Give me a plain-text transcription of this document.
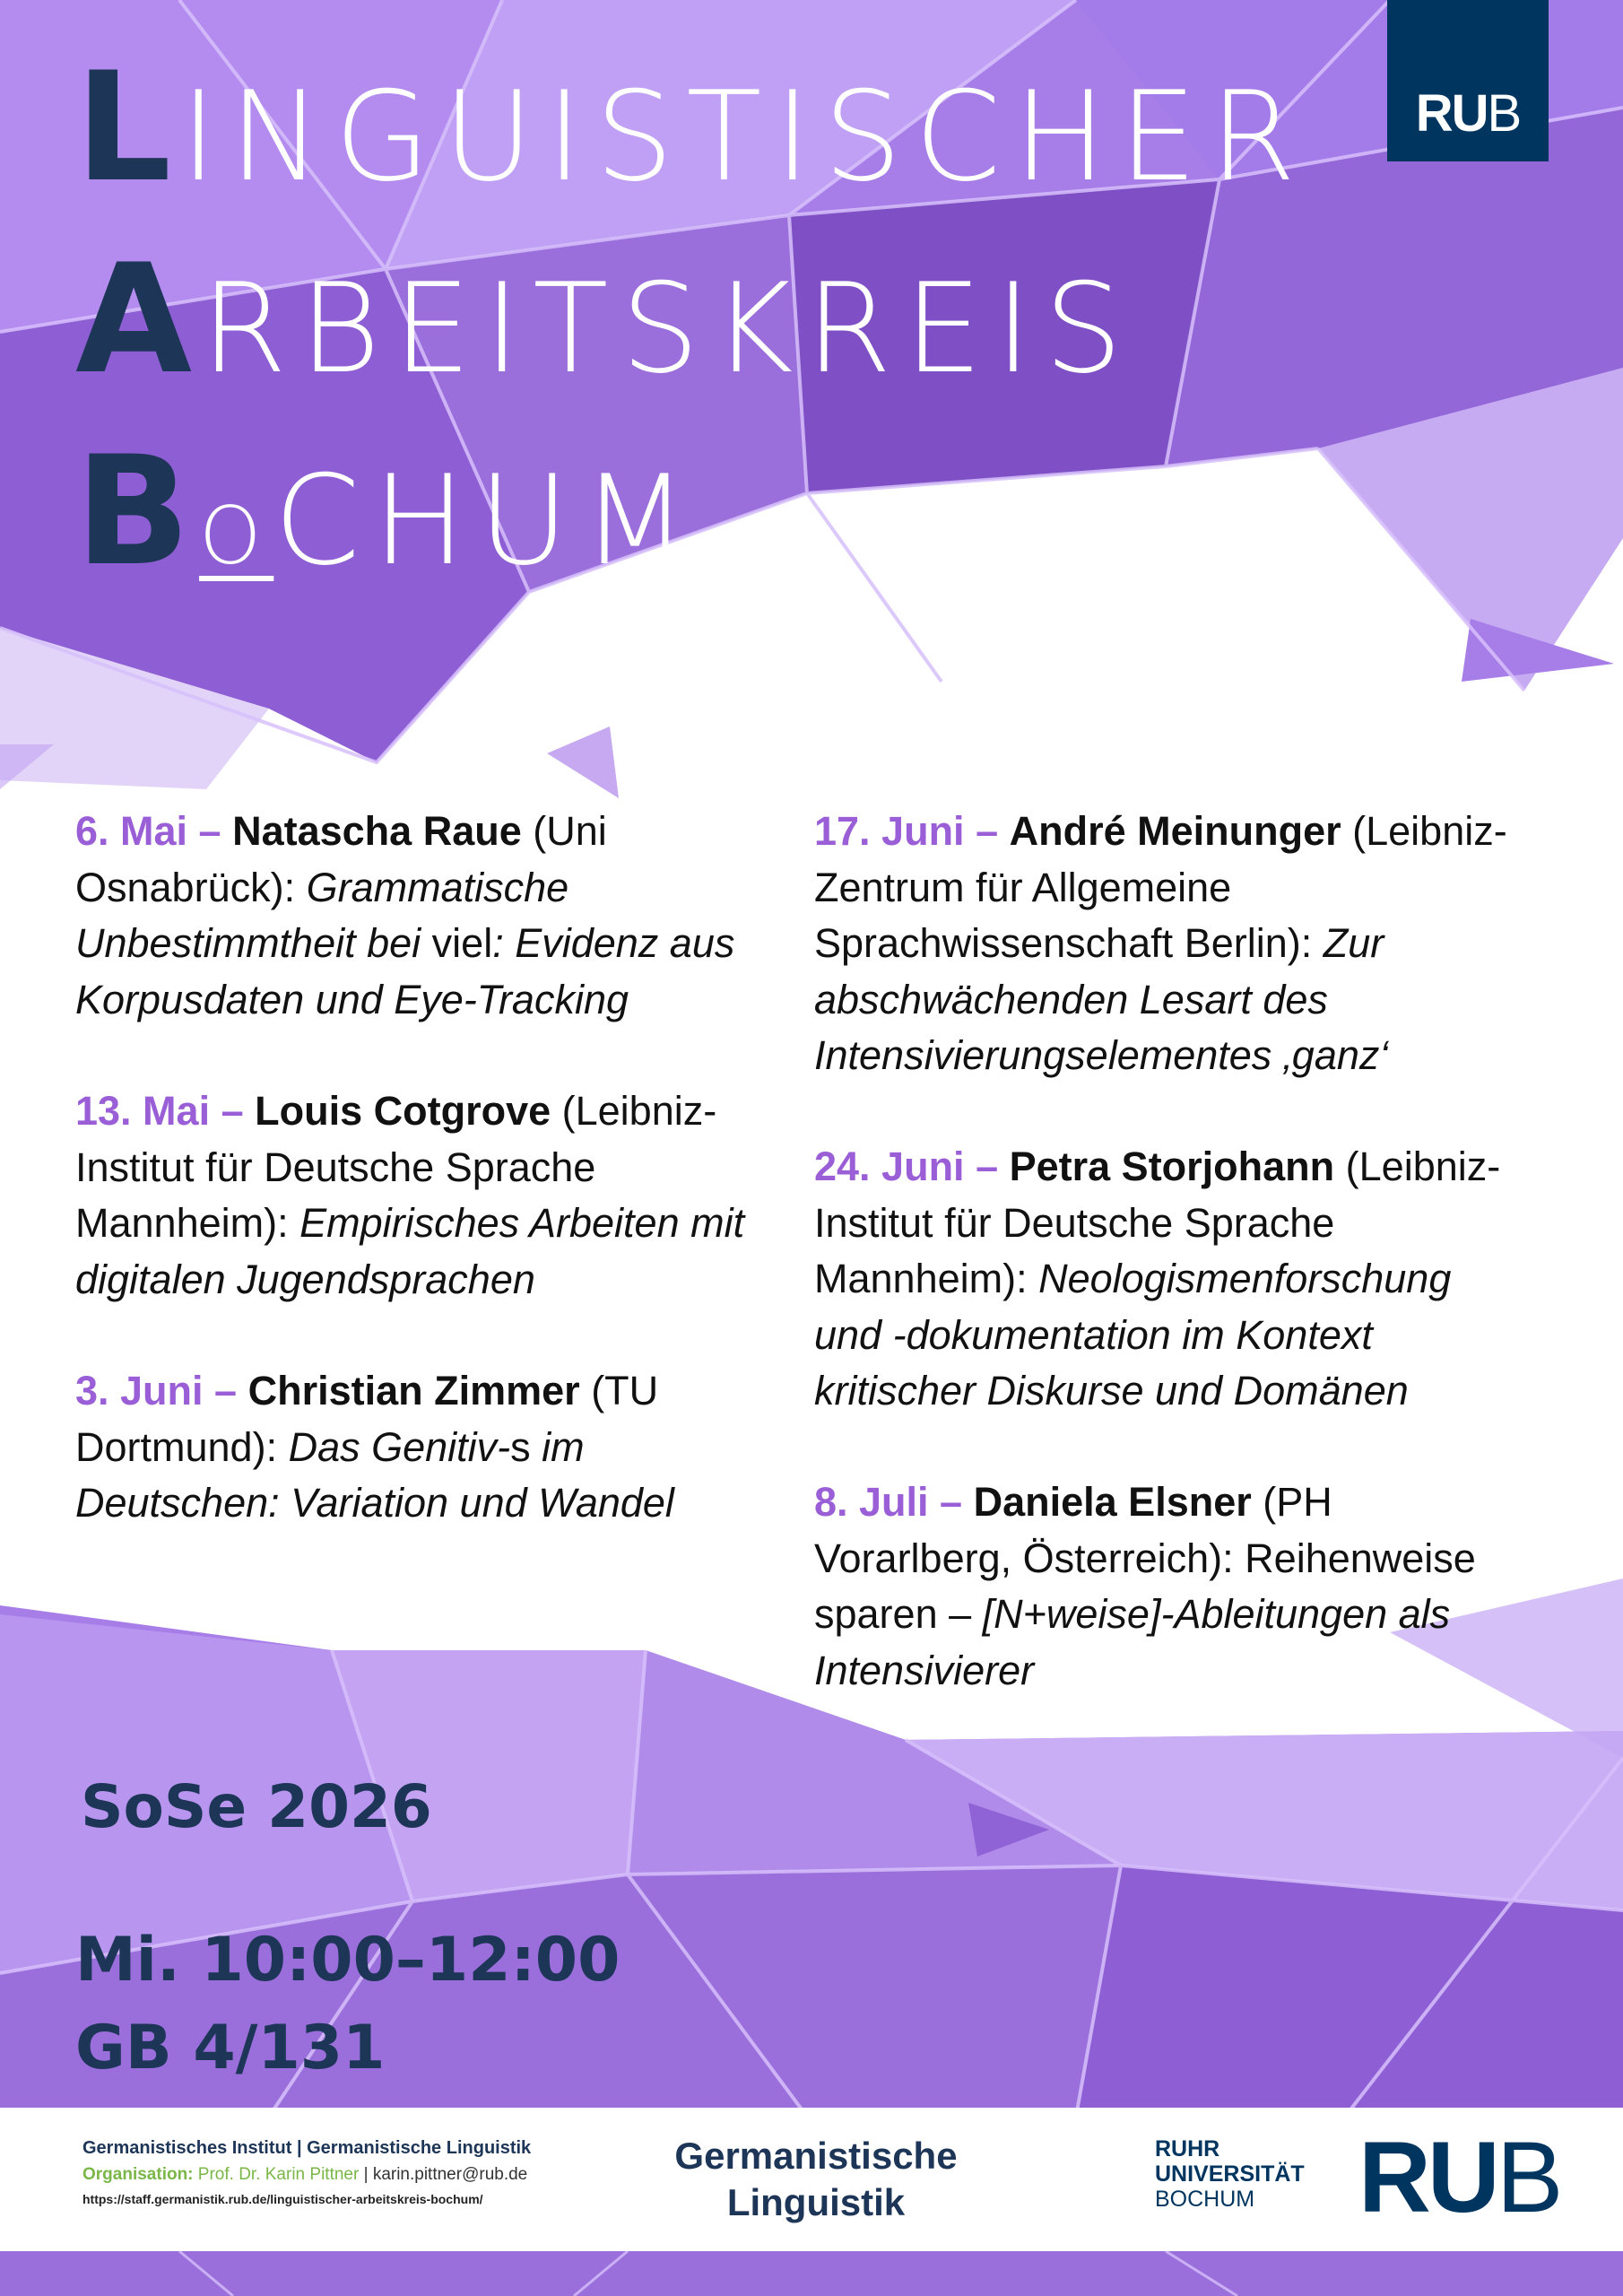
LINGUISTISCHER
ARBEITSKREIS
BOCHUM
RUB
6. Mai – Natascha Raue (Uni Osnabrück): Grammatische Unbestimmtheit bei viel: Evidenz aus Korpusdaten und Eye-Tracking
13. Mai – Louis Cotgrove (Leibniz-Institut für Deutsche Sprache Mannheim): Empirisches Arbeiten mit digitalen Jugendsprachen
3. Juni – Christian Zimmer (TU Dortmund): Das Genitiv-s im Deutschen: Variation und Wandel
17. Juni – André Meinunger (Leibniz-Zentrum für Allgemeine Sprachwissenschaft Berlin): Zur abschwächenden Lesart des Intensivierungselementes ‚ganz‘
24. Juni – Petra Storjohann (Leibniz-Institut für Deutsche Sprache Mannheim): Neologismenforschung und -dokumentation im Kontext kritischer Diskurse und Domänen
8. Juli – Daniela Elsner (PH Vorarlberg, Österreich): Reihenweise sparen – [N+weise]-Ableitungen als Intensivierer
SoSe 2026
Mi. 10:00–12:00
GB 4/131
Germanistisches Institut | Germanistische Linguistik
Organisation: Prof. Dr. Karin Pittner | karin.pittner@rub.de
https://staff.germanistik.rub.de/linguistischer-arbeitskreis-bochum/
Germanistische
Linguistik
RUHR
UNIVERSITÄT
BOCHUM	RUB
